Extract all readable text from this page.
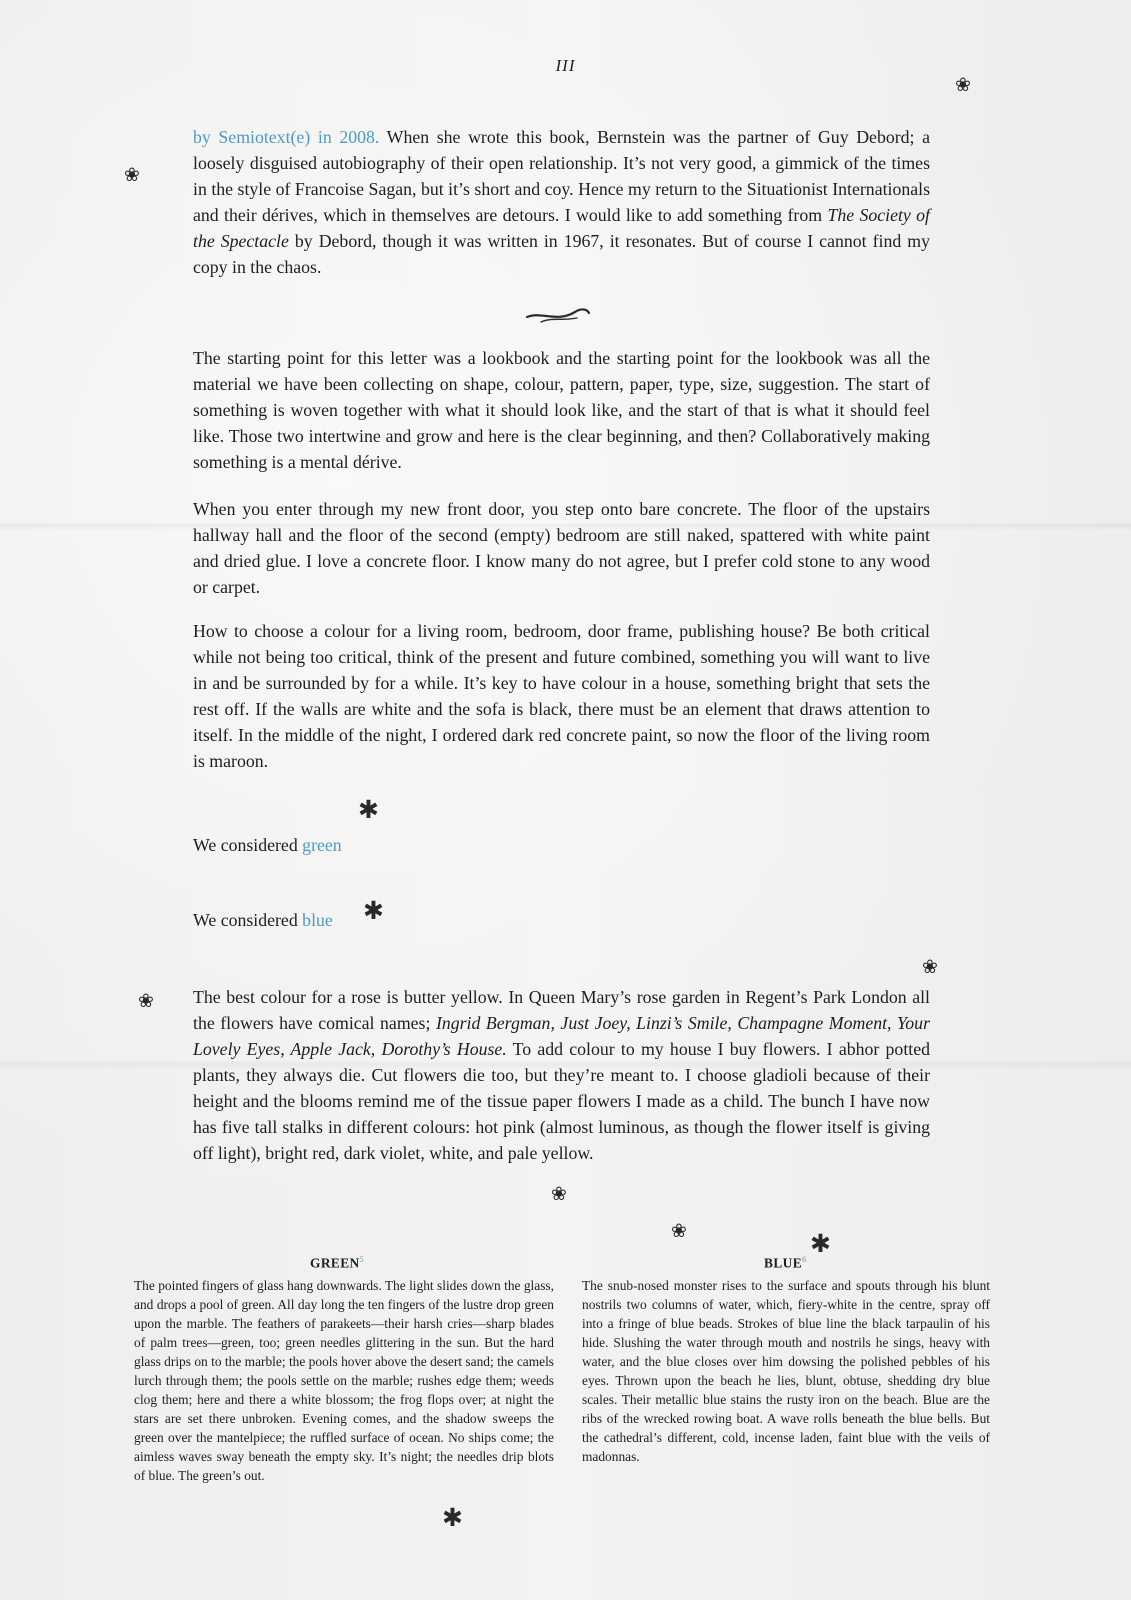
III

by Semiotext(e) in 2008. When she wrote this book, Bernstein was the partner of Guy Debord; a loosely disguised autobiography of their open relationship. It’s not very good, a gimmick of the times in the style of Francoise Sagan, but it’s short and coy. Hence my return to the Situationist Internationals and their dérives, which in themselves are detours. I would like to add something from The Society of the Spectacle by Debord, though it was written in 1967, it resonates. But of course I cannot find my copy in the chaos.

The starting point for this letter was a lookbook and the starting point for the lookbook was all the material we have been collecting on shape, colour, pattern, paper, type, size, suggestion. The start of something is woven together with what it should look like, and the start of that is what it should feel like. Those two intertwine and grow and here is the clear beginning, and then? Collaboratively making something is a mental dérive.

When you enter through my new front door, you step onto bare concrete. The floor of the upstairs hallway hall and the floor of the second (empty) bedroom are still naked, spattered with white paint and dried glue. I love a concrete floor. I know many do not agree, but I prefer cold stone to any wood or carpet.

How to choose a colour for a living room, bedroom, door frame, publishing house? Be both critical while not being too critical, think of the present and future combined, something you will want to live in and be surrounded by for a while. It’s key to have colour in a house, something bright that sets the rest off. If the walls are white and the sofa is black, there must be an element that draws attention to itself. In the middle of the night, I ordered dark red concrete paint, so now the floor of the living room is maroon.

We considered green
We considered blue

The best colour for a rose is butter yellow. In Queen Mary’s rose garden in Regent’s Park London all the flowers have comical names; Ingrid Bergman, Just Joey, Linzi’s Smile, Champagne Moment, Your Lovely Eyes, Apple Jack, Dorothy’s House. To add colour to my house I buy flowers. I abhor potted plants, they always die. Cut flowers die too, but they’re meant to. I choose gladioli because of their height and the blooms remind me of the tissue paper flowers I made as a child. The bunch I have now has five tall stalks in different colours: hot pink (almost luminous, as though the flower itself is giving off light), bright red, dark violet, white, and pale yellow.

GREEN$^5$	BLUE$^6$

The pointed fingers of glass hang downwards. The light slides down the glass, and drops a pool of green. All day long the ten fingers of the lustre drop green upon the marble. The feathers of parakeets—their harsh cries—sharp blades of palm trees—green, too; green needles glittering in the sun. But the hard glass drips on to the marble; the pools hover above the desert sand; the camels lurch through them; the pools settle on the marble; rushes edge them; weeds clog them; here and there a white blossom; the frog flops over; at night the stars are set there unbroken. Evening comes, and the shadow sweeps the green over the mantelpiece; the ruffled surface of ocean. No ships come; the aimless waves sway beneath the empty sky. It’s night; the needles drip blots of blue. The green’s out.

The snub-nosed monster rises to the surface and spouts through his blunt nostrils two columns of water, which, fiery-white in the centre, spray off into a fringe of blue beads. Strokes of blue line the black tarpaulin of his hide. Slushing the water through mouth and nostrils he sings, heavy with water, and the blue closes over him dowsing the polished pebbles of his eyes. Thrown upon the beach he lies, blunt, obtuse, shedding dry blue scales. Their metallic blue stains the rusty iron on the beach. Blue are the ribs of the wrecked rowing boat. A wave rolls beneath the blue bells. But the cathedral’s different, cold, incense laden, faint blue with the veils of madonnas.

❀
❀
✱
✱
❀
❀
❀
❀	✱
✱
